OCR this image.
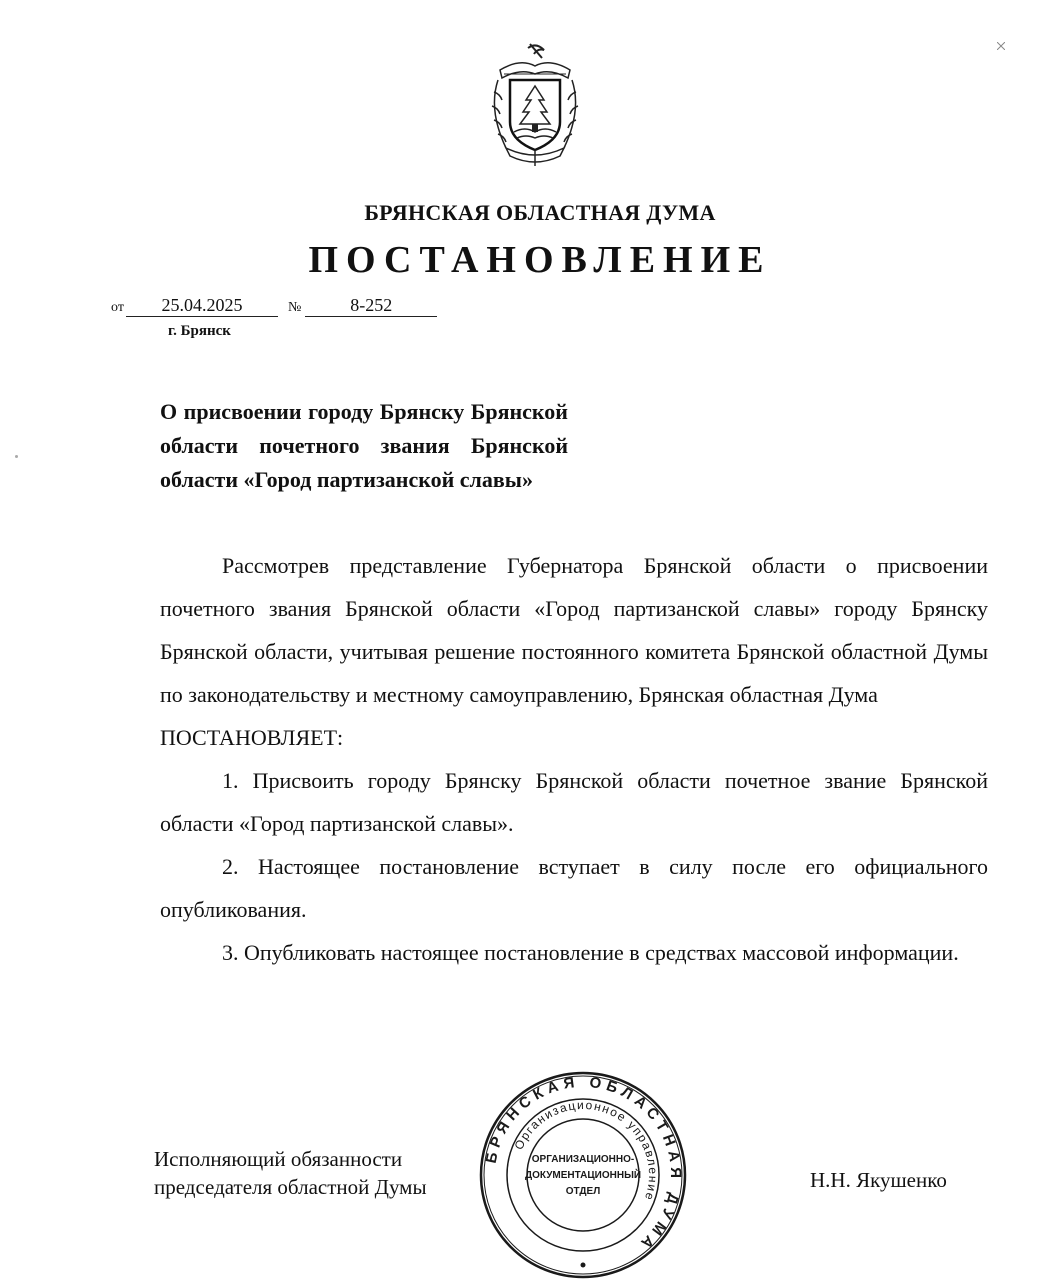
БРЯНСКАЯ ОБЛАСТНАЯ ДУМА
ПОСТАНОВЛЕНИЕ
от 25.04.2025	№	8-252
г. Брянск
О присвоении городу Брянску Брянской области почетного звания Брянской области «Город партизанской славы»

Рассмотрев представление Губернатора Брянской области о присвоении почетного звания Брянской области «Город партизанской славы» городу Брянску Брянской области, учитывая решение постоянного комитета Брянской областной Думы по законодательству и местному самоуправлению, Брянская областная Дума

ПОСТАНОВЛЯЕТ:

1. Присвоить городу Брянску Брянской области почетное звание Брянской области «Город партизанской славы».

2. Настоящее постановление вступает в силу после его официального опубликования.

3. Опубликовать настоящее постановление в средствах массовой информации.

Исполняющий обязанности
председателя областной Думы	Н.Н. Якушенко
БРЯНСКАЯ ОБЛАСТНАЯ ДУМА
Организационное управление
ОРГАНИЗАЦИОННО-
ДОКУМЕНТАЦИОННЫЙ
ОТДЕЛ
